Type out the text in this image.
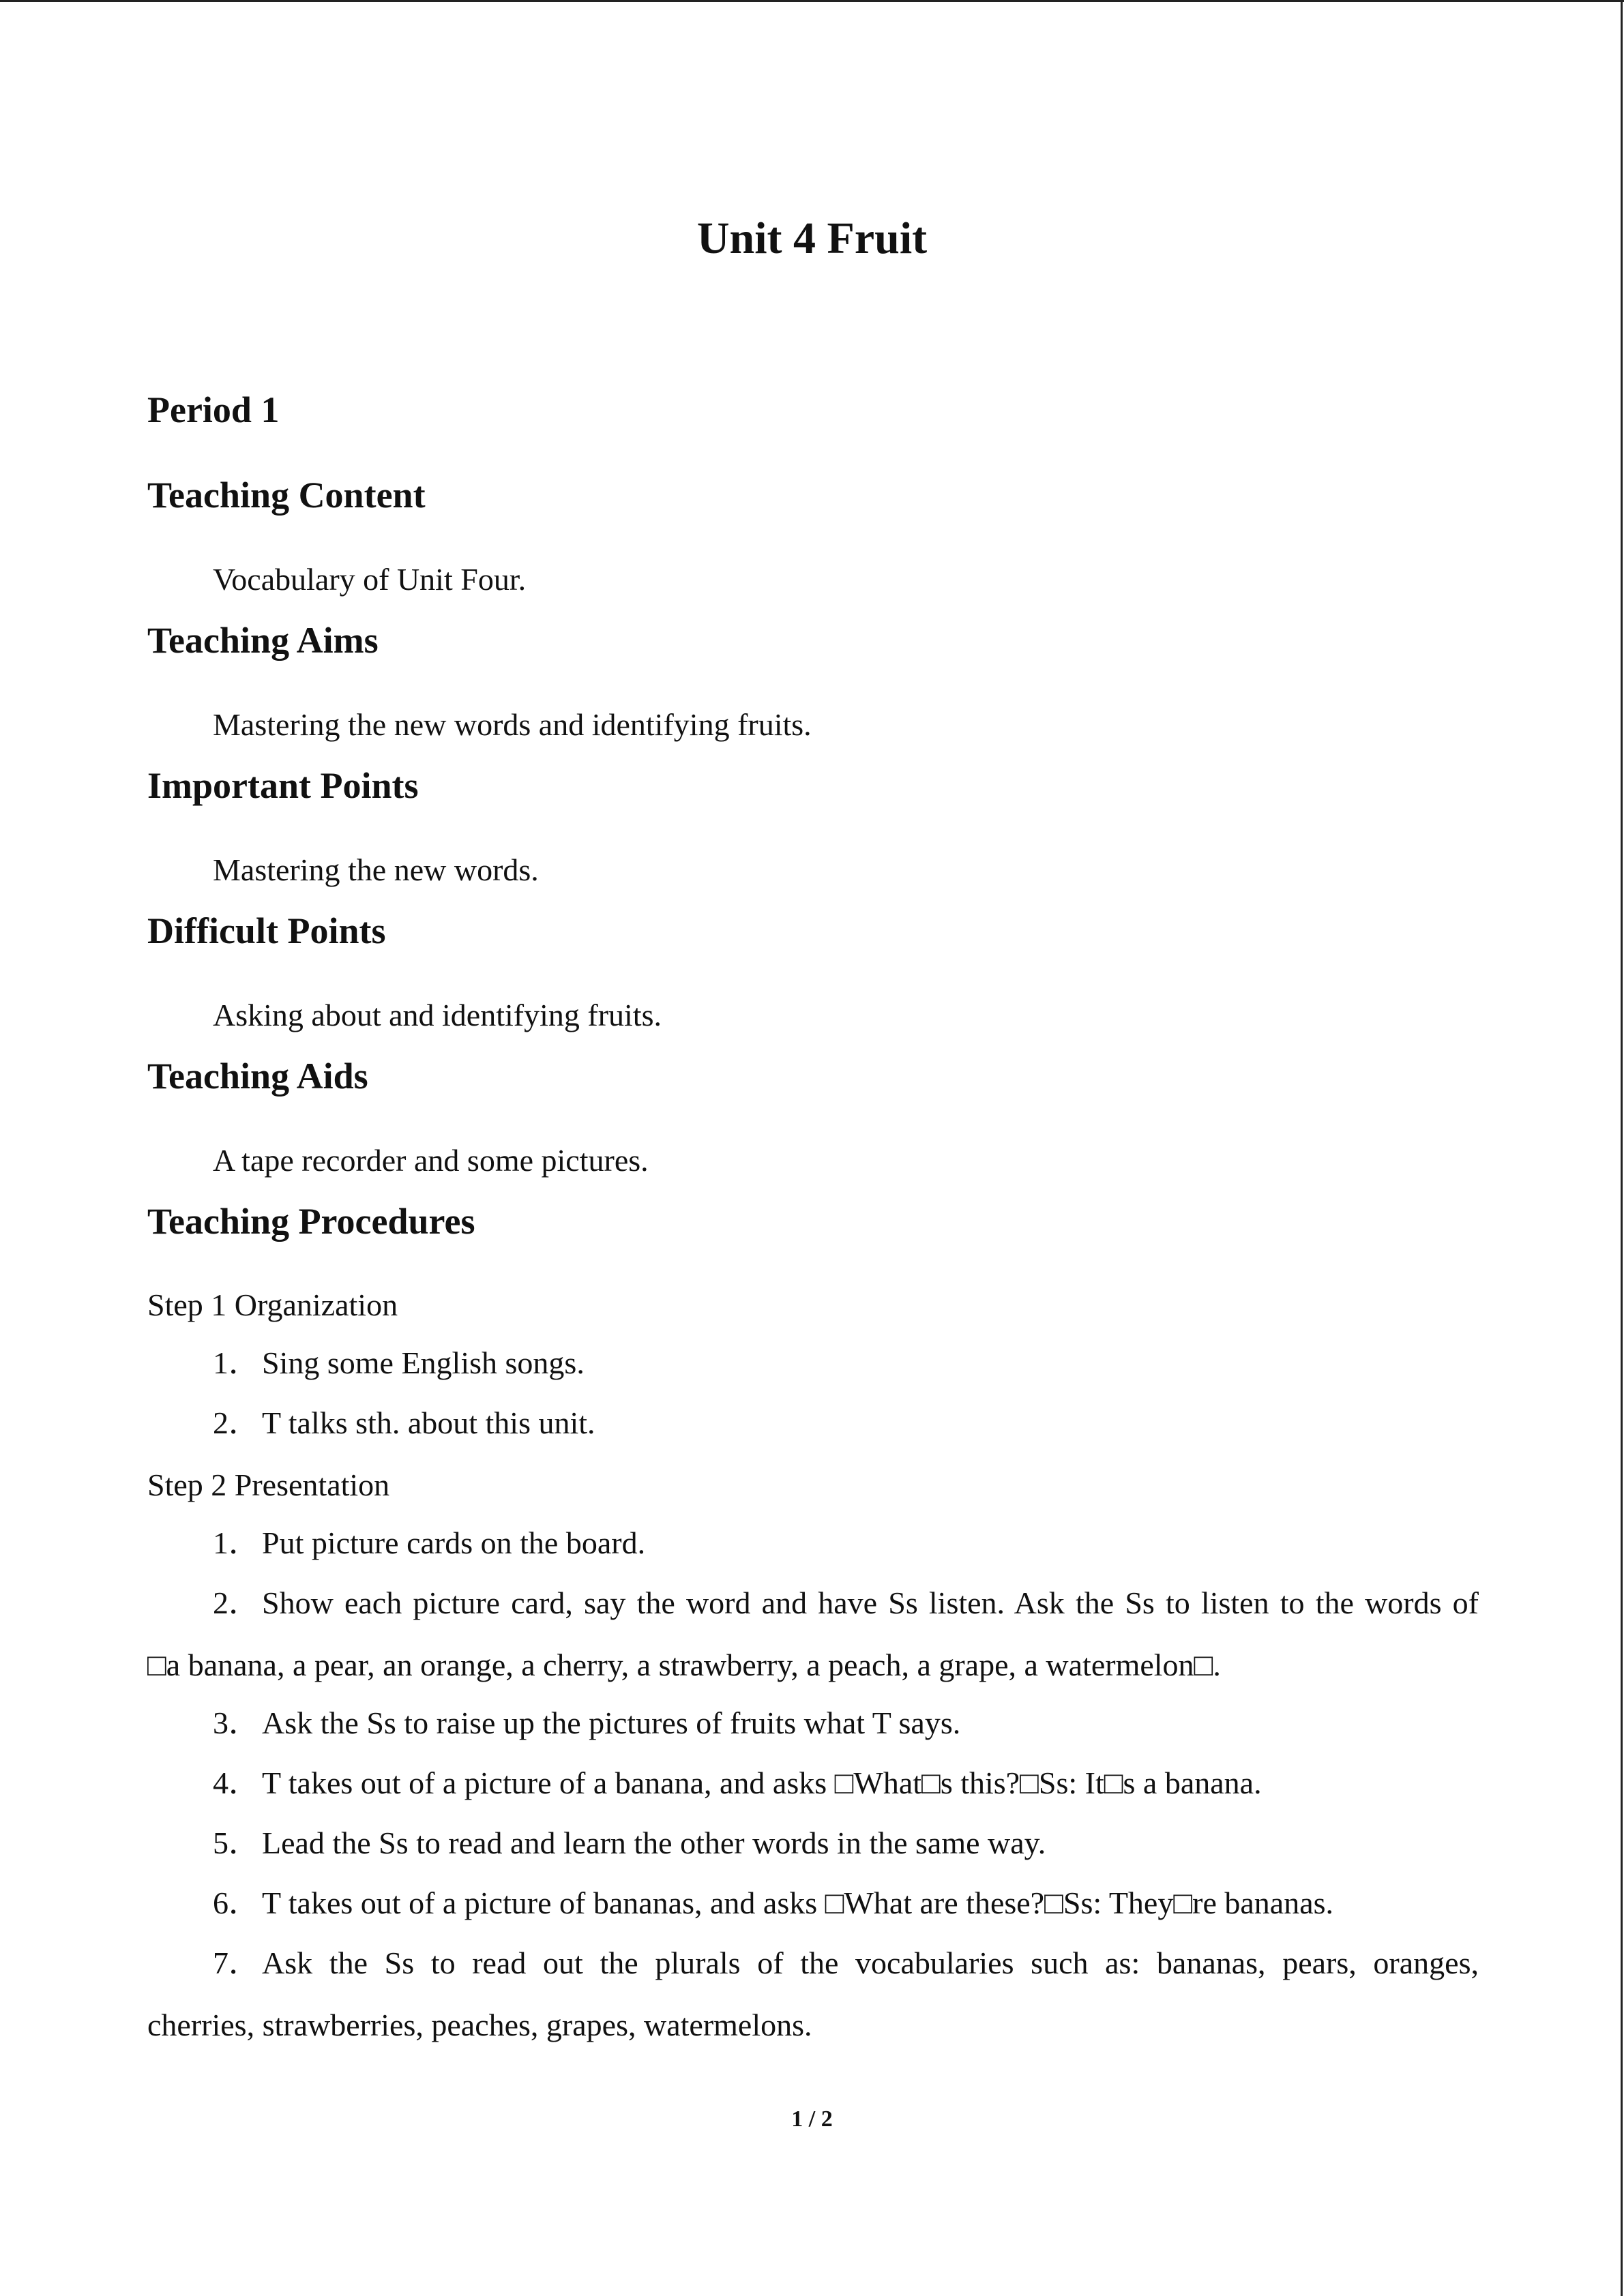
Unit 4 Fruit
Period 1
Teaching Content
Vocabulary of Unit Four.
Teaching Aims
Mastering the new words and identifying fruits.
Important Points
Mastering the new words.
Difficult Points
Asking about and identifying fruits.
Teaching Aids
A tape recorder and some pictures.
Teaching Procedures
Step 1 Organization
1．Sing some English songs.
2．T talks sth. about this unit.
Step 2 Presentation
1．Put picture cards on the board.
2．Show each picture card, say the word and have Ss listen. Ask the Ss to listen to the words of
□a banana, a pear, an orange, a cherry, a strawberry, a peach, a grape, a watermelon□.
3．Ask the Ss to raise up the pictures of fruits what T says.
4．T takes out of a picture of a banana, and asks □What□s this?□Ss: It□s a banana.
5．Lead the Ss to read and learn the other words in the same way.
6．T takes out of a picture of bananas, and asks □What are these?□Ss: They□re bananas.
7．Ask the Ss to read out the plurals of the vocabularies such as: bananas, pears, oranges,
cherries, strawberries, peaches, grapes, watermelons.
1 / 2
